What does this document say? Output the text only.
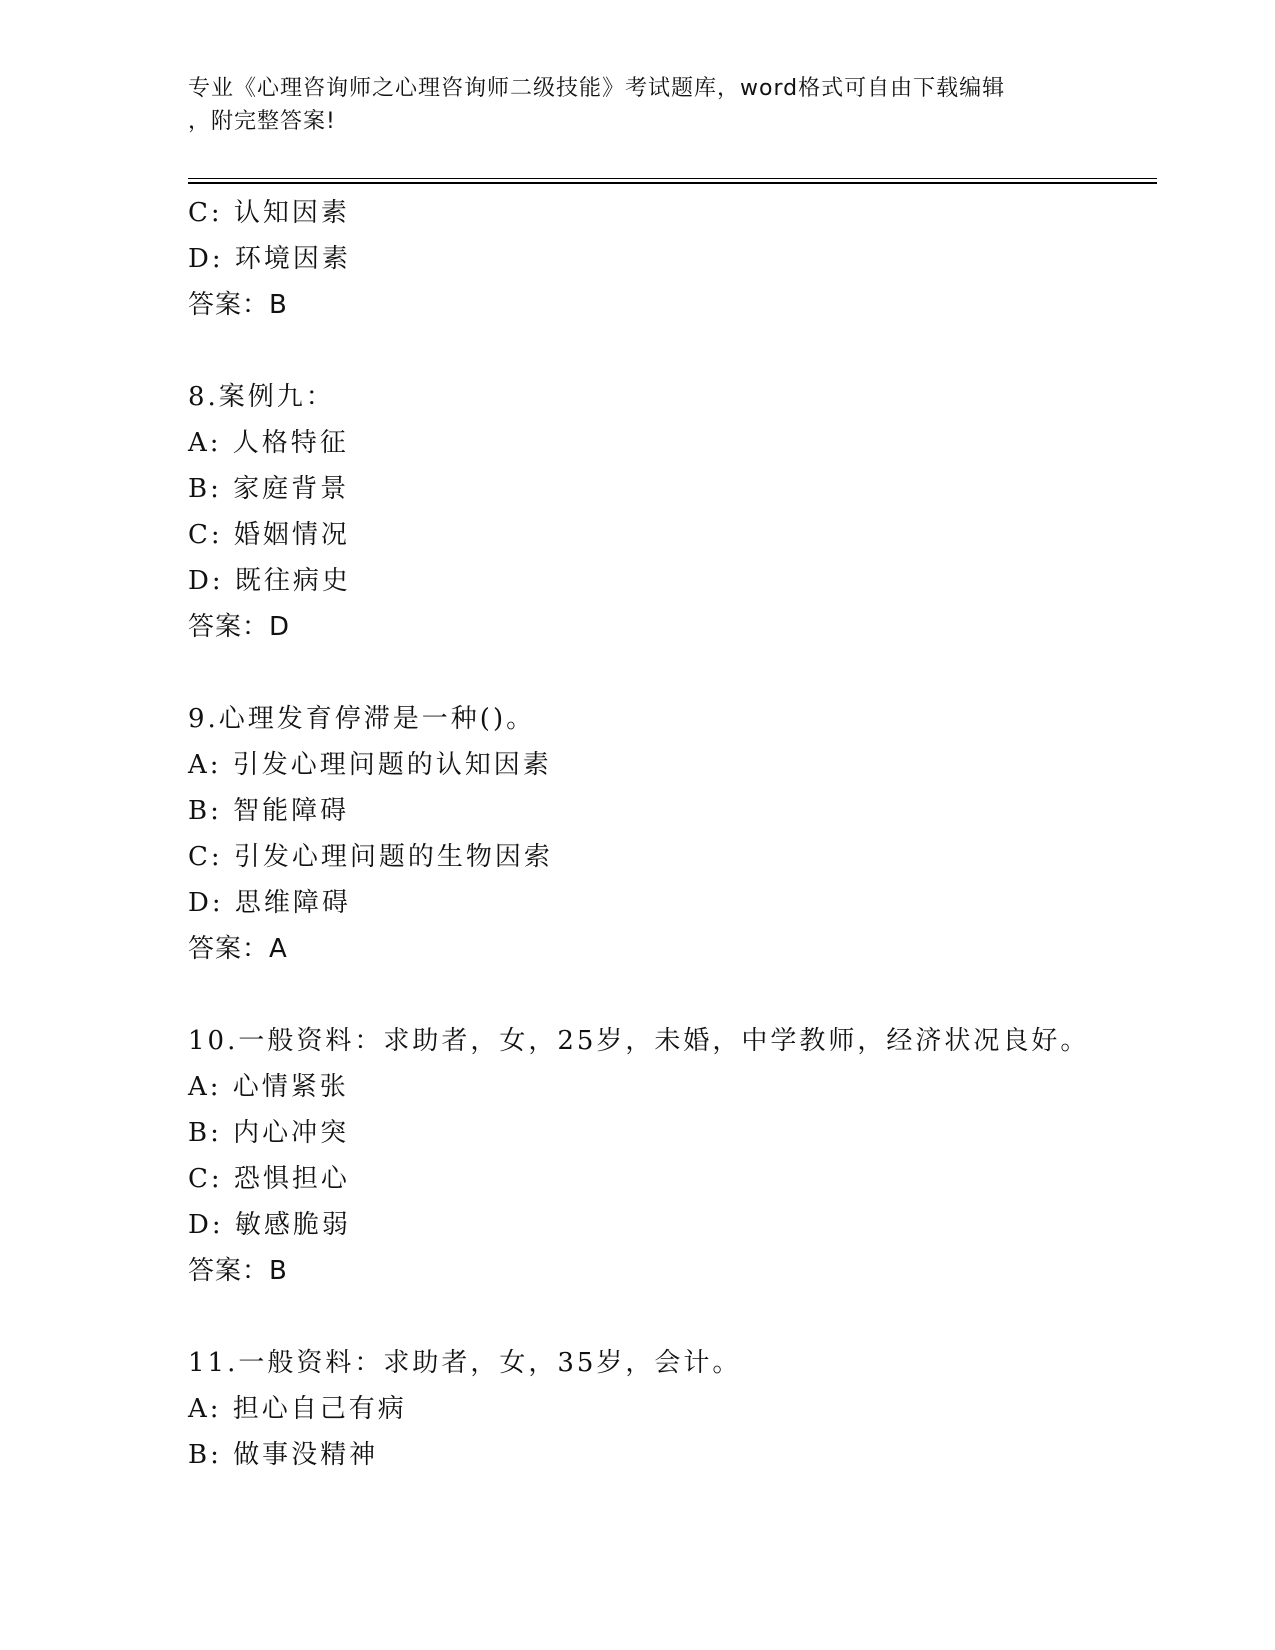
专业《心理咨询师之心理咨询师二级技能》考试题库，word格式可自由下载编辑
，附完整答案!
C: 认知因素
D: 环境因素
答案：B
8.案例九：
A: 人格特征
B: 家庭背景
C: 婚姻情况
D: 既往病史
答案：D
9.心理发育停滞是一种()。
A: 引发心理问题的认知因素
B: 智能障碍
C: 引发心理问题的生物因索
D: 思维障碍
答案：A
10.一般资料：求助者，女，25岁，未婚，中学教师，经济状况良好。
A: 心情紧张
B: 内心冲突
C: 恐惧担心
D: 敏感脆弱
答案：B
11.一般资料：求助者，女，35岁，会计。
A: 担心自己有病
B: 做事没精神
